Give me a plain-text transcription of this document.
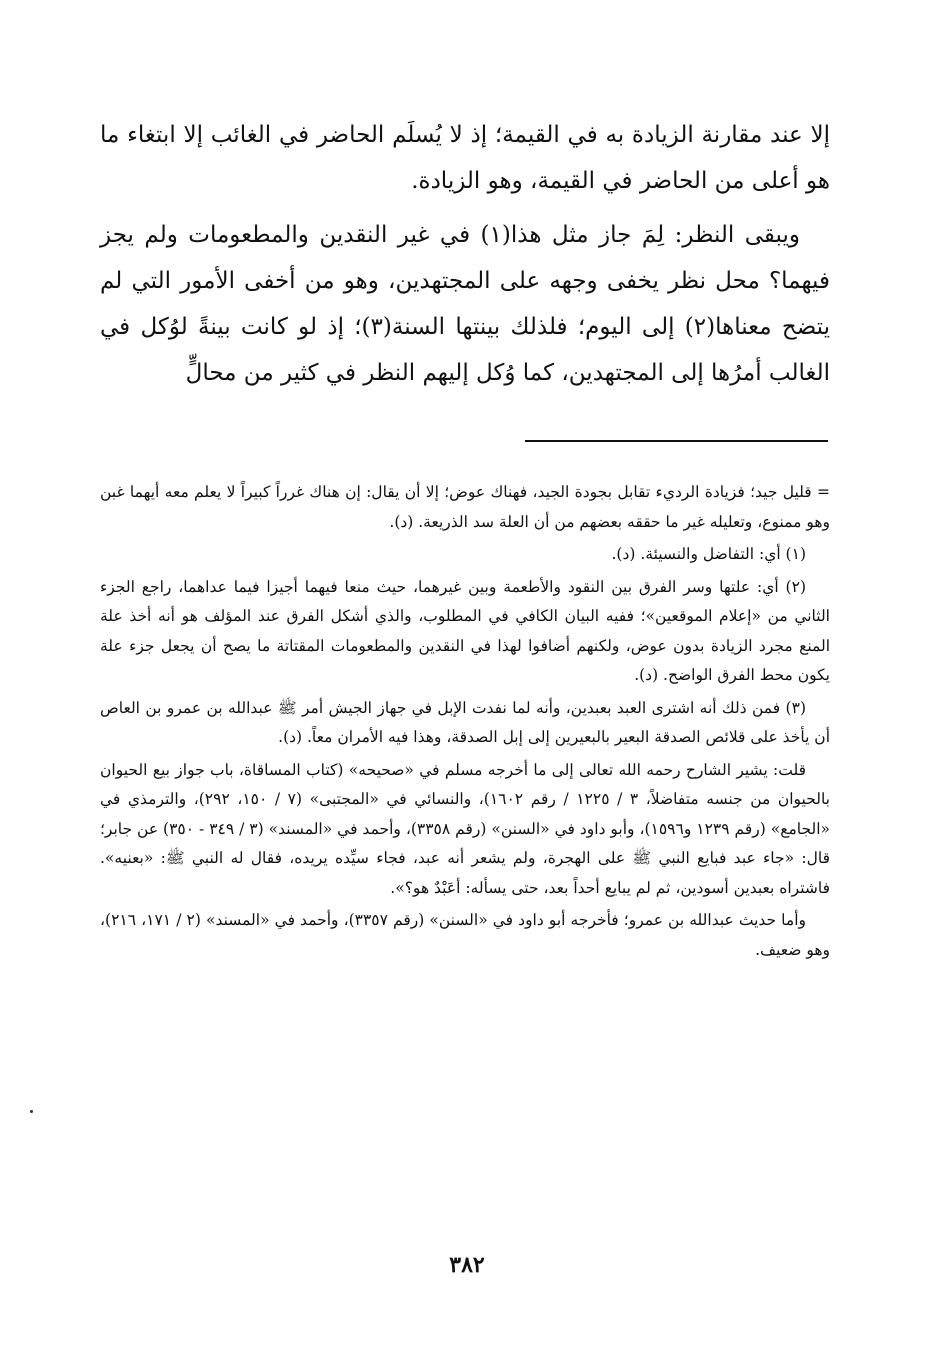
إلا عند مقارنة الزيادة به في القيمة؛ إذ لا يُسلَم الحاضر في الغائب إلا ابتغاء ما هو أعلى من الحاضر في القيمة، وهو الزيادة.

ويبقى النظر: لِمَ جاز مثل هذا(١) في غير النقدين والمطعومات ولم يجز فيهما؟ محل نظر يخفى وجهه على المجتهدين، وهو من أخفى الأمور التي لم يتضح معناها(٢) إلى اليوم؛ فلذلك بينتها السنة(٣)؛ إذ لو كانت بينةً لوُكل في الغالب أمرُها إلى المجتهدين، كما وُكل إليهم النظر في كثير من محالٍّ

= قليل جيد؛ فزيادة الرديء تقابل بجودة الجيد، فهناك عوض؛ إلا أن يقال: إن هناك غرراً كبيراً لا يعلم معه أيهما غبن وهو ممنوع، وتعليله غير ما حققه بعضهم من أن العلة سد الذريعة. (د).

(١) أي: التفاضل والنسيئة. (د).

(٢) أي: علتها وسر الفرق بين النقود والأطعمة وبين غيرهما، حيث منعا فيهما أجيزا فيما عداهما، راجع الجزء الثاني من «إعلام الموقعين»؛ ففيه البيان الكافي في المطلوب، والذي أشكل الفرق عند المؤلف هو أنه أخذ علة المنع مجرد الزيادة بدون عوض، ولكنهم أضافوا لهذا في النقدين والمطعومات المقتاتة ما يصح أن يجعل جزء علة يكون محط الفرق الواضح. (د).

(٣) فمن ذلك أنه اشترى العبد بعبدين، وأنه لما نفدت الإبل في جهاز الجيش أمر ﷺ عبدالله بن عمرو بن العاص أن يأخذ على قلائص الصدقة البعير بالبعيرين إلى إبل الصدقة، وهذا فيه الأمران معاً. (د).

قلت: يشير الشارح رحمه الله تعالى إلى ما أخرجه مسلم في «صحيحه» (كتاب المساقاة، باب جواز بيع الحيوان بالحيوان من جنسه متفاضلاً، ٣ / ١٢٢٥ / رقم ١٦٠٢)، والنسائي في «المجتبى» (٧ / ١٥٠، ٢٩٢)، والترمذي في «الجامع» (رقم ١٢٣٩ و١٥٩٦)، وأبو داود في «السنن» (رقم ٣٣٥٨)، وأحمد في «المسند» (٣ / ٣٤٩ - ٣٥٠) عن جابر؛ قال: «جاء عبد فبايع النبي ﷺ على الهجرة، ولم يشعر أنه عبد، فجاء سيِّده يريده، فقال له النبي ﷺ: «بعنيه». فاشتراه بعبدين أسودين، ثم لم يبايع أحداً بعد، حتى يسأله: أعَبْدٌ هو؟».

وأما حديث عبدالله بن عمرو؛ فأخرجه أبو داود في «السنن» (رقم ٣٣٥٧)، وأحمد في «المسند» (٢ / ١٧١، ٢١٦)، وهو ضعيف.

٣٨٢
